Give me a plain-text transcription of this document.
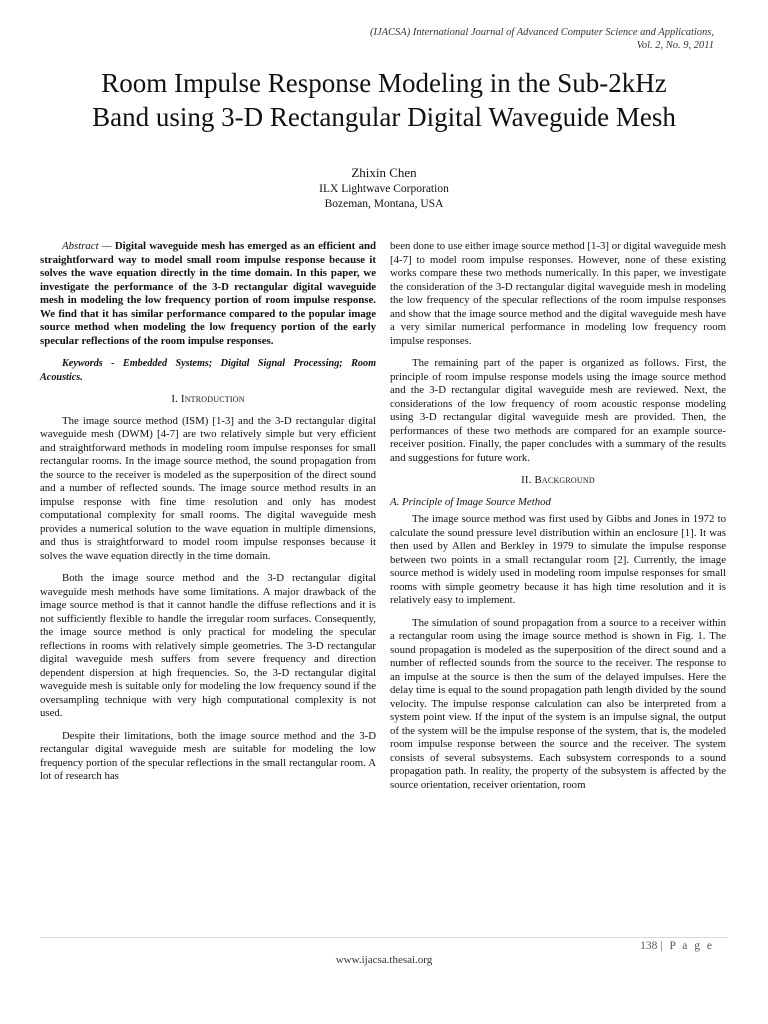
(IJACSA) International Journal of Advanced Computer Science and Applications,
Vol. 2, No. 9, 2011
Room Impulse Response Modeling in the Sub-2kHz
Band using 3-D Rectangular Digital Waveguide Mesh
Zhixin Chen
ILX Lightwave Corporation
Bozeman, Montana, USA

Abstract — Digital waveguide mesh has emerged as an efficient and straightforward way to model small room impulse response because it solves the wave equation directly in the time domain. In this paper, we investigate the performance of the 3-D rectangular digital waveguide mesh in modeling the low frequency portion of room impulse response. We find that it has similar performance compared to the popular image source method when modeling the low frequency portion of the early specular reflections of the room impulse responses.

Keywords - Embedded Systems; Digital Signal Processing; Room Acoustics.

I. Introduction

The image source method (ISM) [1-3] and the 3-D rectangular digital waveguide mesh (DWM) [4-7] are two relatively simple but very efficient and straightforward methods in modeling room impulse responses for small rectangular rooms. In the image source method, the sound propagation from the source to the receiver is modeled as the superposition of the direct sound and a number of reflected sounds. The image source method results in an impulse response with fine time resolution and only has modest computational complexity for small rooms. The digital waveguide mesh provides a numerical solution to the wave equation in multiple dimensions, and thus is straightforward to model room impulse responses because it solves the wave equation directly in the time domain.

Both the image source method and the 3-D rectangular digital waveguide mesh methods have some limitations. A major drawback of the image source method is that it cannot handle the diffuse reflections and it is not sufficiently flexible to handle the irregular room surfaces. Consequently, the image source method is only practical for modeling the specular reflections in rooms with relatively simple geometries. The 3-D rectangular digital waveguide mesh suffers from severe frequency and direction dependent dispersion at high frequencies. So, the 3-D rectangular digital waveguide mesh is suitable only for modeling the low frequency sound if the oversampling technique with very high computational complexity is not used.

Despite their limitations, both the image source method and the 3-D rectangular digital waveguide mesh are suitable for modeling the low frequency portion of the specular reflections in the small rectangular room. A lot of research has

been done to use either image source method [1-3] or digital waveguide mesh [4-7] to model room impulse responses. However, none of these existing works compare these two methods numerically. In this paper, we investigate the consideration of the 3-D rectangular digital waveguide mesh in modeling the low frequency of the specular reflections of the room impulse responses and show that the image source method and the digital waveguide mesh have a very similar numerical performance in modeling low frequency room impulse responses.

The remaining part of the paper is organized as follows. First, the principle of room impulse response models using the image source method and the 3-D rectangular digital waveguide mesh are reviewed. Next, the considerations of the low frequency of room acoustic response modeling using 3-D rectangular digital waveguide mesh are provided. Then, the performances of these two methods are compared for an example source-receiver position. Finally, the paper concludes with a summary of the results and suggestions for future work.

II. Background
A. Principle of Image Source Method

The image source method was first used by Gibbs and Jones in 1972 to calculate the sound pressure level distribution within an enclosure [1]. It was then used by Allen and Berkley in 1979 to simulate the impulse response between two points in a small rectangular room [2]. Currently, the image source method is widely used in modeling room impulse responses for small rooms with simple geometry because it has high time resolution and it is relatively easy to implement.

The simulation of sound propagation from a source to a receiver within a rectangular room using the image source method is shown in Fig. 1. The sound propagation is modeled as the superposition of the direct sound and a number of reflected sounds from the source to the receiver. The response to an impulse at the source is then the sum of the delayed impulses. Here the delay time is equal to the sound propagation path length divided by the sound velocity. The impulse response calculation can also be interpreted from a system point view. If the input of the system is an impulse signal, the output of the system will be the impulse response of the system, that is, the modeled room impulse response between the source and the receiver. The system consists of several subsystems. Each subsystem corresponds to a sound propagation path. In reality, the property of the subsystem is affected by the source orientation, receiver orientation, room

138 | P a g e
www.ijacsa.thesai.org
